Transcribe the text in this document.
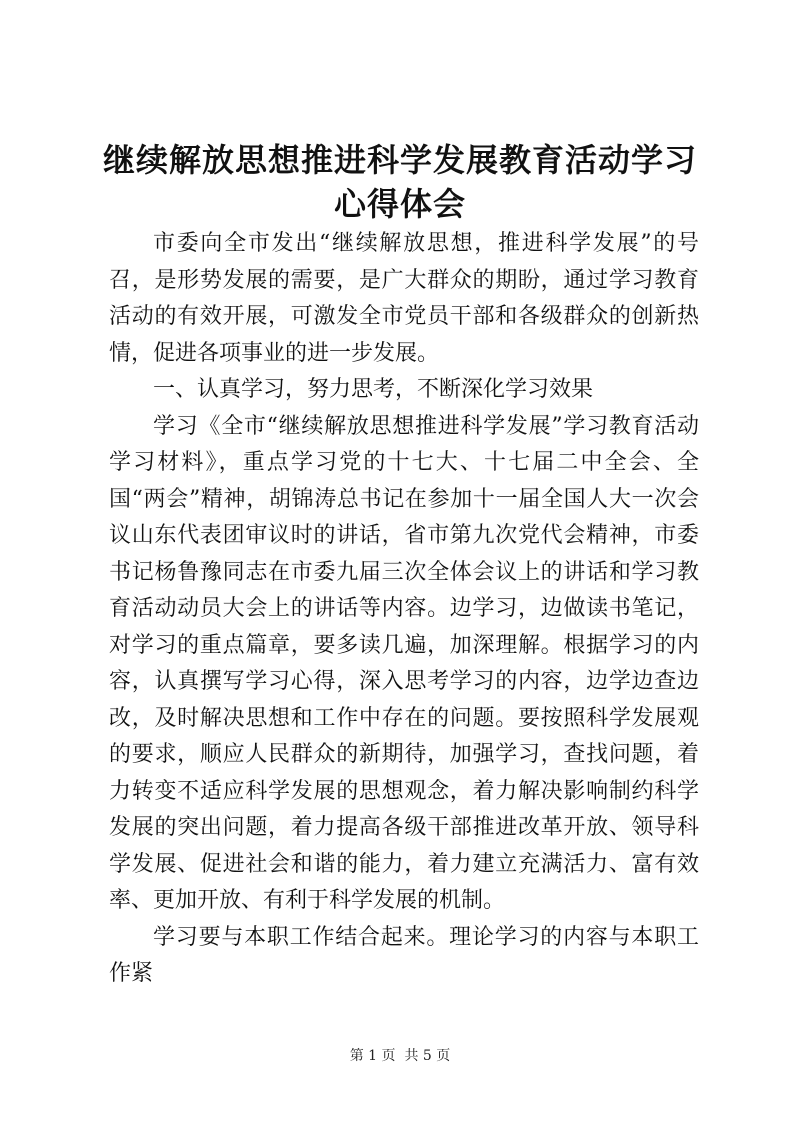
继续解放思想推进科学发展教育活动学习心得体会

市委向全市发出“继续解放思想，推进科学发展”的号召，是形势发展的需要，是广大群众的期盼，通过学习教育活动的有效开展，可激发全市党员干部和各级群众的创新热情，促进各项事业的进一步发展。

一、认真学习，努力思考，不断深化学习效果

学习《全市“继续解放思想推进科学发展”学习教育活动学习材料》，重点学习党的十七大、十七届二中全会、全国“两会”精神，胡锦涛总书记在参加十一届全国人大一次会议山东代表团审议时的讲话，省市第九次党代会精神，市委书记杨鲁豫同志在市委九届三次全体会议上的讲话和学习教育活动动员大会上的讲话等内容。边学习，边做读书笔记，对学习的重点篇章，要多读几遍，加深理解。根据学习的内容，认真撰写学习心得，深入思考学习的内容，边学边查边改，及时解决思想和工作中存在的问题。要按照科学发展观的要求，顺应人民群众的新期待，加强学习，查找问题，着力转变不适应科学发展的思想观念，着力解决影响制约科学发展的突出问题，着力提高各级干部推进改革开放、领导科学发展、促进社会和谐的能力，着力建立充满活力、富有效率、更加开放、有利于科学发展的机制。

学习要与本职工作结合起来。理论学习的内容与本职工作紧

第 1 页  共 5 页
